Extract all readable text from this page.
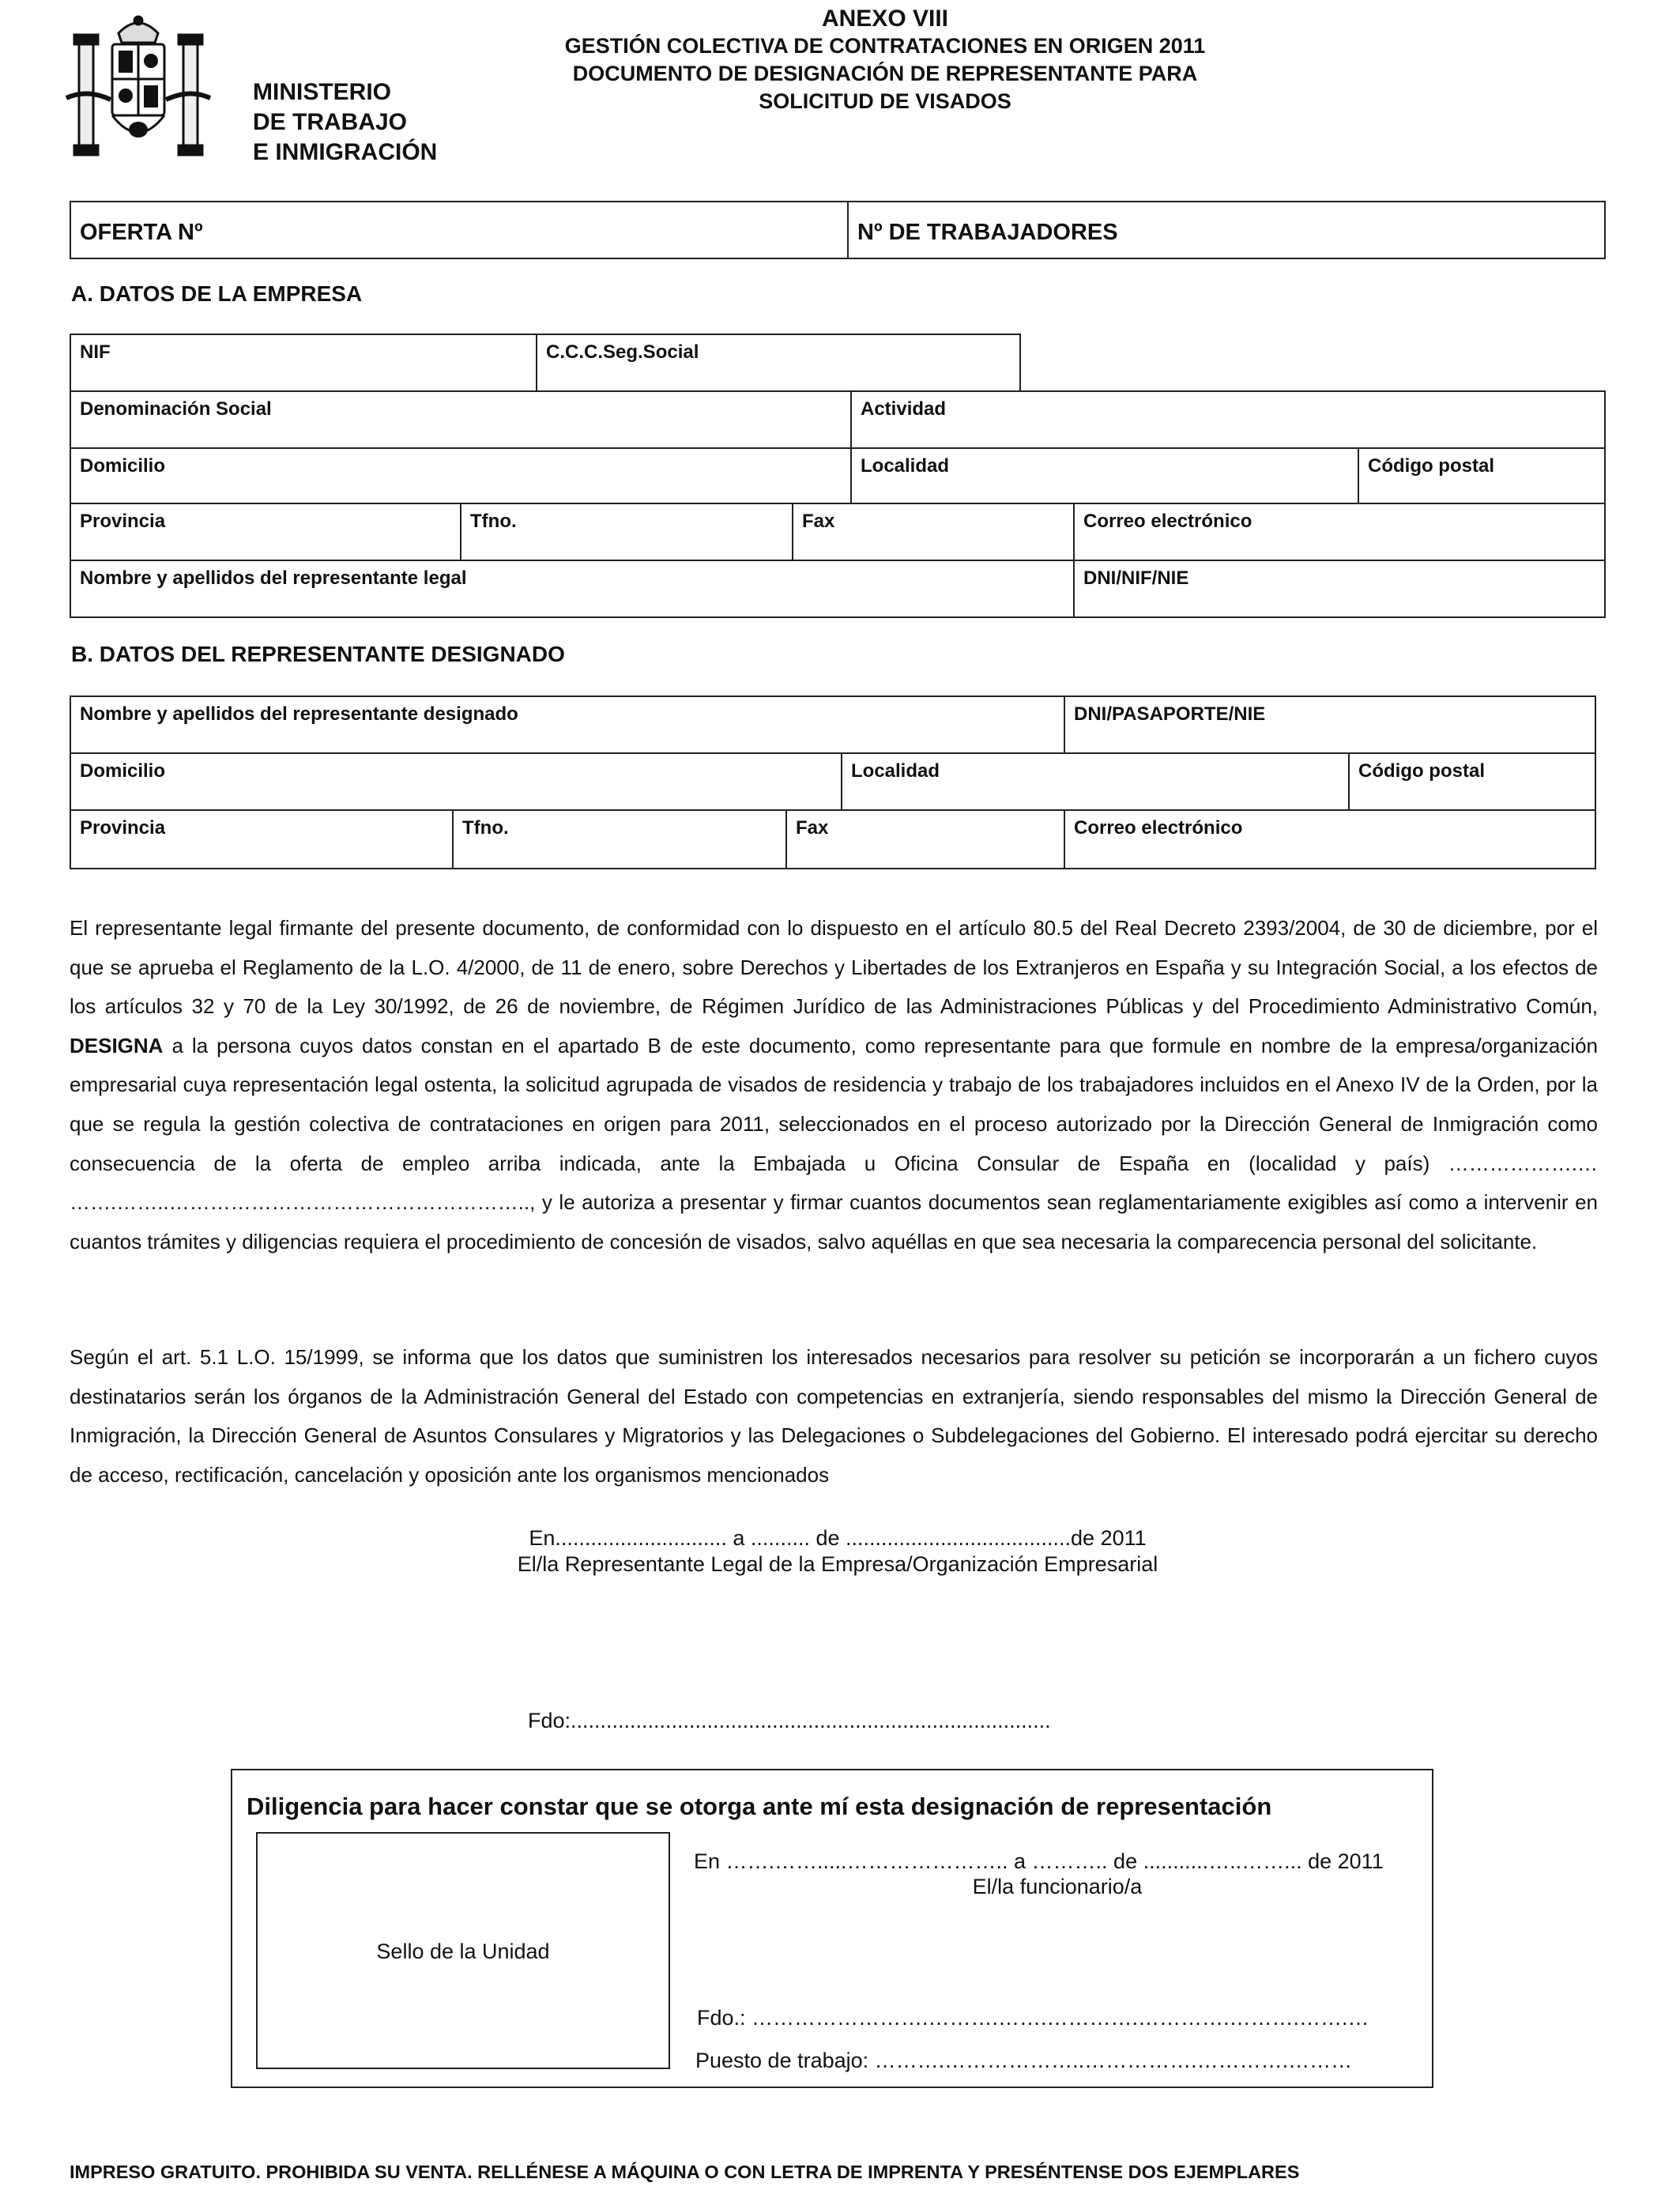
MINISTERIO
DE TRABAJO
E INMIGRACIÓN
ANEXO VIII
GESTIÓN COLECTIVA DE CONTRATACIONES EN ORIGEN 2011
DOCUMENTO DE DESIGNACIÓN DE REPRESENTANTE PARA
SOLICITUD DE VISADOS
OFERTA Nº	Nº DE TRABAJADORES
A. DATOS DE LA EMPRESA
NIF	C.C.C.Seg.Social
Denominación Social	Actividad
Domicilio	Localidad	Código postal
Provincia	Tfno.	Fax	Correo electrónico
Nombre y apellidos del representante legal	DNI/NIF/NIE
B. DATOS DEL REPRESENTANTE DESIGNADO
Nombre y apellidos del representante designado	DNI/PASAPORTE/NIE
Domicilio	Localidad	Código postal
Provincia	Tfno.	Fax	Correo electrónico
El representante legal firmante del presente documento, de conformidad con lo dispuesto en el artículo 80.5 del Real Decreto 2393/2004, de 30 de diciembre, por el que se aprueba el Reglamento de la L.O. 4/2000, de 11 de enero, sobre Derechos y Libertades de los Extranjeros en España y su Integración Social, a los efectos de los artículos 32 y 70 de la Ley 30/1992, de 26 de noviembre, de Régimen Jurídico de las Administraciones Públicas y del Procedimiento Administrativo Común, DESIGNA a la persona cuyos datos constan en el apartado B de este documento, como representante para que formule en nombre de la empresa/organización empresarial cuya representación legal ostenta, la solicitud agrupada de visados de residencia y trabajo de los trabajadores incluidos en el Anexo IV de la Orden, por la que se regula la gestión colectiva de contrataciones en origen para 2011, seleccionados en el proceso autorizado por la Dirección General de Inmigración como consecuencia de la oferta de empleo arriba indicada, ante la Embajada u Oficina Consular de España en (localidad y país) ……………….… …….……..…………………………………………….., y le autoriza a presentar y firmar cuantos documentos sean reglamentariamente exigibles así como a intervenir en cuantos trámites y diligencias requiera el procedimiento de concesión de visados, salvo aquéllas en que sea necesaria la comparecencia personal del solicitante.
Según el art. 5.1 L.O. 15/1999, se informa que los datos que suministren los interesados necesarios para resolver su petición se incorporarán a un fichero cuyos destinatarios serán los órganos de la Administración General del Estado con competencias en extranjería, siendo responsables del mismo la Dirección General de Inmigración, la Dirección General de Asuntos Consulares y Migratorios y las Delegaciones o Subdelegaciones del Gobierno. El interesado podrá ejercitar su derecho de acceso, rectificación, cancelación y oposición ante los organismos mencionados
En............................. a .......... de ......................................de 2011
El/la Representante Legal de la Empresa/Organización Empresarial
Fdo:.................................................................................
Diligencia para hacer constar que se otorga ante mí esta designación de representación
Sello de la Unidad
En …….…….....………………….. a ……….. de ...........…..……... de 2011
El/la funcionario/a
Fdo.: …………………….……….…….………….………….……….…….…
Puesto de trabajo: ……….………………..…………….………….………
IMPRESO GRATUITO. PROHIBIDA SU VENTA. RELLÉNESE A MÁQUINA O CON LETRA DE IMPRENTA Y PRESÉNTENSE DOS EJEMPLARES
